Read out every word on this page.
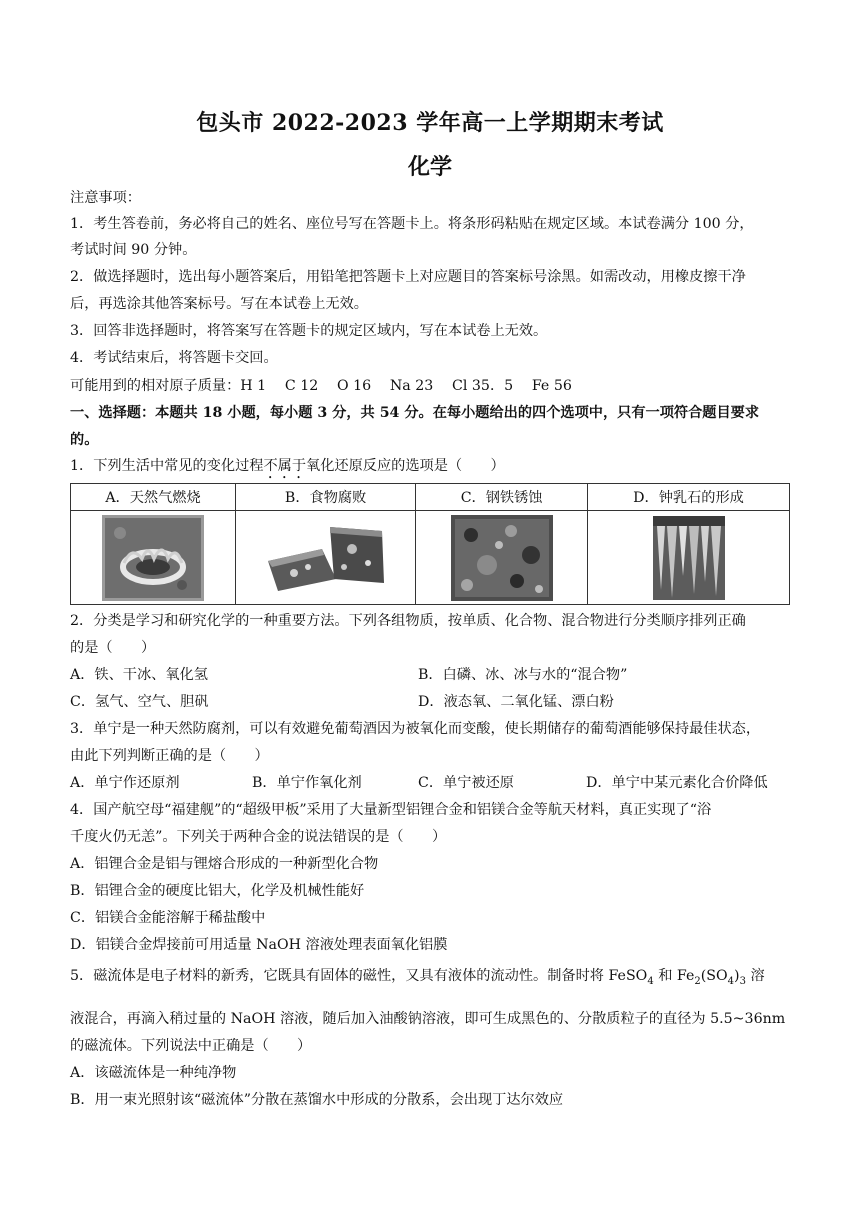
包头市 2022-2023 学年高一上学期期末考试
化学
注意事项：
1．考生答卷前，务必将自己的姓名、座位号写在答题卡上。将条形码粘贴在规定区域。本试卷满分 100 分，
考试时间 90 分钟。
2．做选择题时，选出每小题答案后，用铅笔把答题卡上对应题目的答案标号涂黑。如需改动，用橡皮擦干净
后，再选涂其他答案标号。写在本试卷上无效。
3．回答非选择题时，将答案写在答题卡的规定区域内，写在本试卷上无效。
4．考试结束后，将答题卡交回。
可能用到的相对原子质量：H 1　 C 12　 O 16　 Na 23　 Cl 35．5　 Fe 56
一、选择题：本题共 18 小题，每小题 3 分，共 54 分。在每小题给出的四个选项中，只有一项符合题目要求
的。
1．下列生活中常见的变化过程不属于氧化还原反应的选项是（　　）
A．天然气燃烧	B．食物腐败	C．钢铁锈蚀	D．钟乳石的形成

2．分类是学习和研究化学的一种重要方法。下列各组物质，按单质、化合物、混合物进行分类顺序排列正确
的是（　　）
A．铁、干冰、氧化氢	B．白磷、冰、冰与水的“混合物”
C．氢气、空气、胆矾	D．液态氧、二氧化锰、漂白粉
3．单宁是一种天然防腐剂，可以有效避免葡萄酒因为被氧化而变酸，使长期储存的葡萄酒能够保持最佳状态，
由此下列判断正确的是（　　）
A．单宁作还原剂	B．单宁作氧化剂	C．单宁被还原	D．单宁中某元素化合价降低
4．国产航空母“福建舰”的“超级甲板”采用了大量新型铝锂合金和铝镁合金等航天材料，真正实现了“浴
千度火仍无恙”。下列关于两种合金的说法错误的是（　　）
A．铝锂合金是铝与锂熔合形成的一种新型化合物
B．铝锂合金的硬度比铝大，化学及机械性能好
C．铝镁合金能溶解于稀盐酸中
D．铝镁合金焊接前可用适量 NaOH 溶液处理表面氧化铝膜
5．磁流体是电子材料的新秀，它既具有固体的磁性，又具有液体的流动性。制备时将 FeSO$_4$ 和 $Fe_2(SO_4)_3$ 溶
液混合，再滴入稍过量的 NaOH 溶液，随后加入油酸钠溶液，即可生成黑色的、分散质粒子的直径为 5.5~36nm
的磁流体。下列说法中正确是（　　）
A．该磁流体是一种纯净物
B．用一束光照射该“磁流体”分散在蒸馏水中形成的分散系，会出现丁达尔效应
